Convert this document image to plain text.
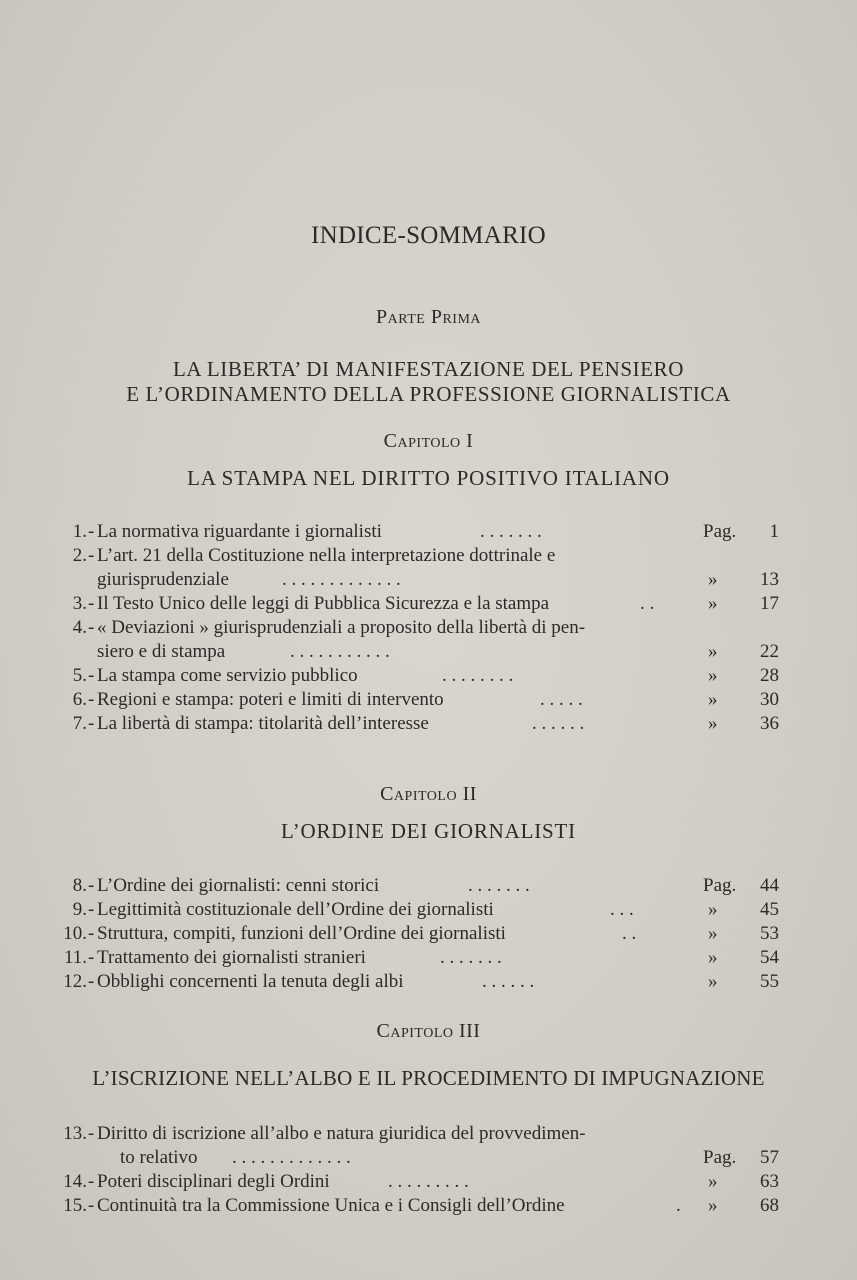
INDICE-SOMMARIO
Parte Prima
LA LIBERTA’ DI MANIFESTAZIONE DEL PENSIERO
E L’ORDINAMENTO DELLA PROFESSIONE GIORNALISTICA
Capitolo I
LA STAMPA NEL DIRITTO POSITIVO ITALIANO
1. - La normativa riguardante i giornalisti	. . . . . . .	Pag. 1
2. - L’art. 21 della Costituzione nella interpretazione dottrinale e
giurisprudenziale	. . . . . . . . . . . . .	» 13
3. - Il Testo Unico delle leggi di Pubblica Sicurezza e la stampa	. .	» 17
4. - « Deviazioni » giurisprudenziali a proposito della libertà di pen-
siero e di stampa	. . . . . . . . . . .	» 22
5. - La stampa come servizio pubblico	. . . . . . . .	» 28
6. - Regioni e stampa: poteri e limiti di intervento	. . . . .	» 30
7. - La libertà di stampa: titolarità dell’interesse	. . . . . .	» 36
Capitolo II
L’ORDINE DEI GIORNALISTI
8. - L’Ordine dei giornalisti: cenni storici	. . . . . . .	Pag. 44
9. - Legittimità costituzionale dell’Ordine dei giornalisti	. . .	» 45
10. - Struttura, compiti, funzioni dell’Ordine dei giornalisti	. .	» 53
11. - Trattamento dei giornalisti stranieri	. . . . . . .	» 54
12. - Obblighi concernenti la tenuta degli albi	. . . . . .	» 55
Capitolo III
L’ISCRIZIONE NELL’ALBO E IL PROCEDIMENTO DI IMPUGNAZIONE
13. - Diritto di iscrizione all’albo e natura giuridica del provvedimen-
to relativo . . . . . . . . . . . . .	Pag. 57
14. - Poteri disciplinari degli Ordini	. . . . . . . . .	» 63
15. - Continuità tra la Commissione Unica e i Consigli dell’Ordine	. » 68
